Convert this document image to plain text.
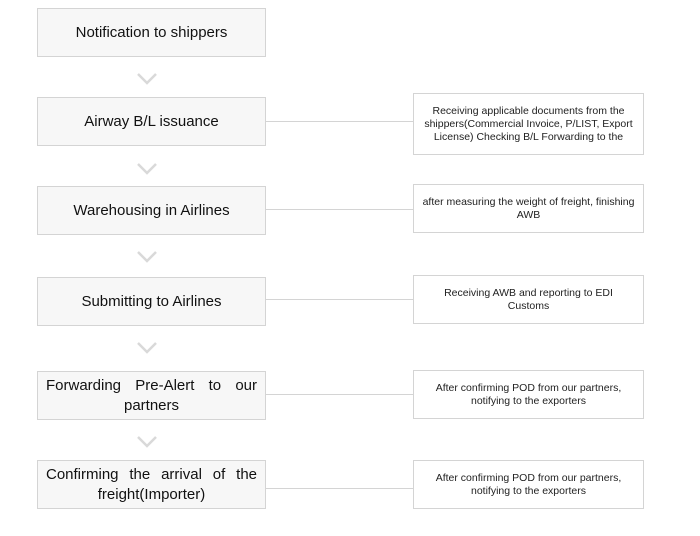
Notification to shippers
Airway B/L issuance
Warehousing in Airlines
Submitting to Airlines
Forwarding Pre-Alert to our partners
Confirming the arrival of the freight(Importer)
Receiving applicable documents from the shippers(Commercial Invoice, P/LIST, Export License) Checking B/L Forwarding to the
after measuring the weight of freight, finishing AWB
Receiving AWB and reporting to EDI Customs
After confirming POD from our partners, notifying to the exporters
After confirming POD from our partners, notifying to the exporters
